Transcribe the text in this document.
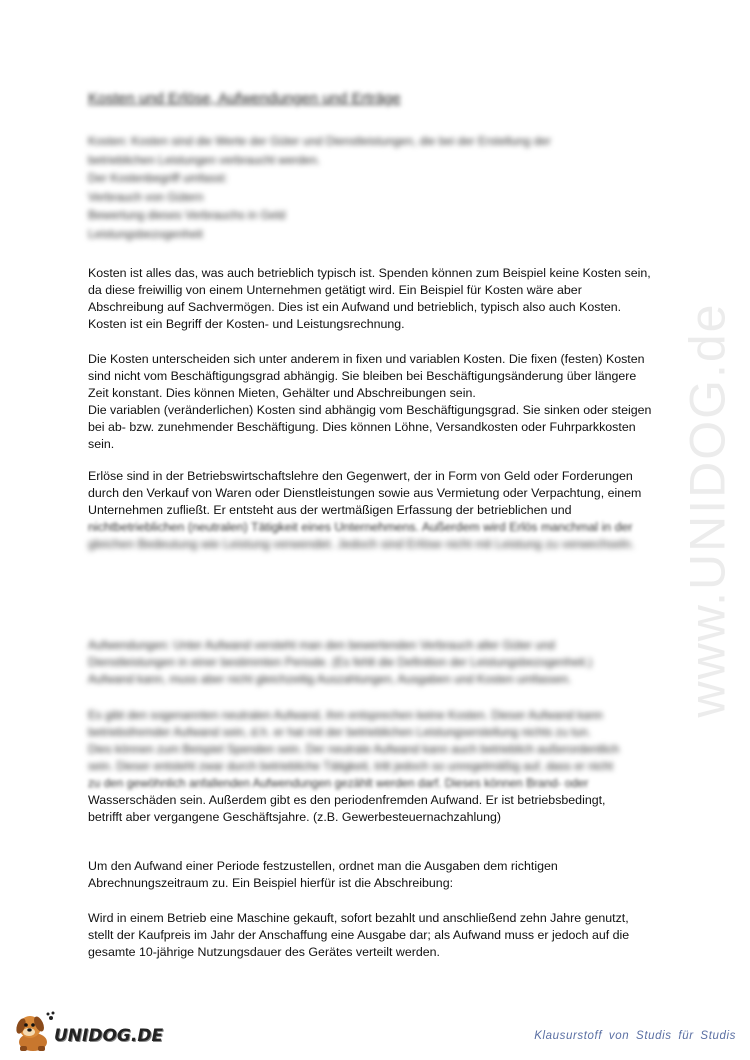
Kosten und Erlöse, Aufwendungen und Erträge

Kosten: Kosten sind die Werte der Güter und Dienstleistungen, die bei der Erstellung der

betrieblichen Leistungen verbraucht werden.

Der Kostenbegriff umfasst:

Verbrauch von Gütern

Bewertung dieses Verbrauchs in Geld

Leistungsbezogenheit

Kosten ist alles das, was auch betrieblich typisch ist. Spenden können zum Beispiel keine Kosten sein,

da diese freiwillig von einem Unternehmen getätigt wird. Ein Beispiel für Kosten wäre aber

Abschreibung auf Sachvermögen. Dies ist ein Aufwand und betrieblich, typisch also auch Kosten.

Kosten ist ein Begriff der Kosten- und Leistungsrechnung.

Die Kosten unterscheiden sich unter anderem in fixen und variablen Kosten. Die fixen (festen) Kosten

sind nicht vom Beschäftigungsgrad abhängig. Sie bleiben bei Beschäftigungsänderung über längere

Zeit konstant. Dies können Mieten, Gehälter und Abschreibungen sein.

Die variablen (veränderlichen) Kosten sind abhängig vom Beschäftigungsgrad. Sie sinken oder steigen

bei ab- bzw. zunehmender Beschäftigung. Dies können Löhne, Versandkosten oder Fuhrparkkosten

sein.

Erlöse sind in der Betriebswirtschaftslehre den Gegenwert, der in Form von Geld oder Forderungen

durch den Verkauf von Waren oder Dienstleistungen sowie aus Vermietung oder Verpachtung, einem

Unternehmen zufließt. Er entsteht aus der wertmäßigen Erfassung der betrieblichen und

nichtbetrieblichen (neutralen) Tätigkeit eines Unternehmens. Außerdem wird Erlös manchmal in der

gleichen Bedeutung wie Leistung verwendet. Jedoch sind Erlöse nicht mit Leistung zu verwechseln.

Aufwendungen: Unter Aufwand versteht man den bewertenden Verbrauch aller Güter und

Dienstleistungen in einer bestimmten Periode. (Es fehlt die Definition der Leistungsbezogenheit.)

Aufwand kann, muss aber nicht gleichzeitig Auszahlungen, Ausgaben und Kosten umfassen.

Es gibt den sogenannten neutralen Aufwand, ihm entsprechen keine Kosten. Dieser Aufwand kann

betriebsfremder Aufwand sein, d.h. er hat mit der betrieblichen Leistungserstellung nichts zu tun.

Dies können zum Beispiel Spenden sein. Der neutrale Aufwand kann auch betrieblich außerordentlich

sein. Dieser entsteht zwar durch betriebliche Tätigkeit, tritt jedoch so unregelmäßig auf, dass er nicht

zu den gewöhnlich anfallenden Aufwendungen gezählt werden darf. Dieses können Brand- oder

Wasserschäden sein. Außerdem gibt es den periodenfremden Aufwand. Er ist betriebsbedingt,

betrifft aber vergangene Geschäftsjahre. (z.B. Gewerbesteuernachzahlung)

Um den Aufwand einer Periode festzustellen, ordnet man die Ausgaben dem richtigen

Abrechnungszeitraum zu. Ein Beispiel hierfür ist die Abschreibung:

Wird in einem Betrieb eine Maschine gekauft, sofort bezahlt und anschließend zehn Jahre genutzt,

stellt der Kaufpreis im Jahr der Anschaffung eine Ausgabe dar; als Aufwand muss er jedoch auf die

gesamte 10-jährige Nutzungsdauer des Gerätes verteilt werden.

www.UNIDOG.de
UNIDOG.DE	Klausurstoff von Studis für Studis
